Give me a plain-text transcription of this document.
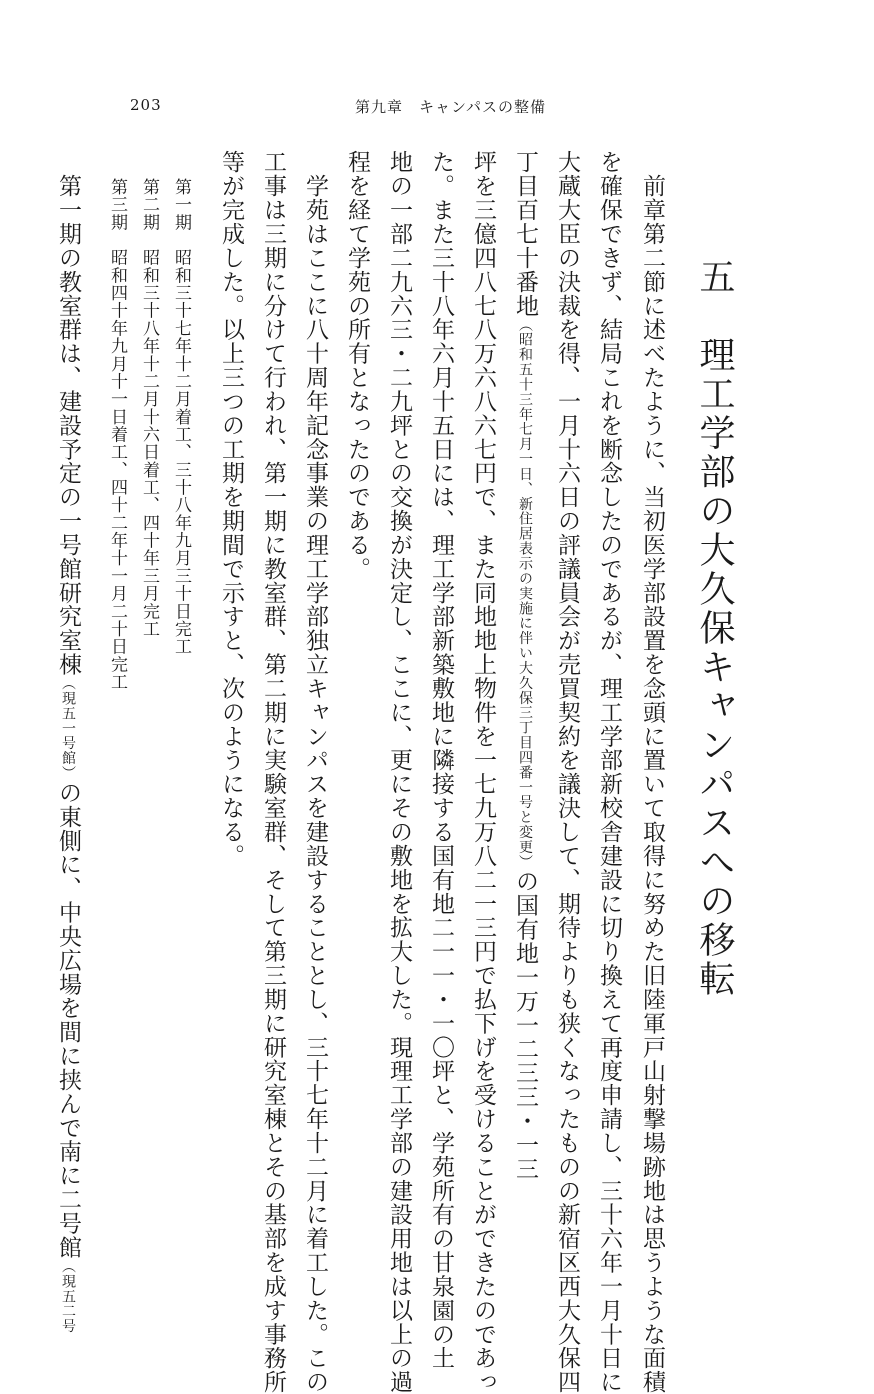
203	第九章 キャンパスの整備
五　理工学部の大久保キャンパスへの移転
　前章第二節に述べたように、当初医学部設置を念頭に置いて取得に努めた旧陸軍戸山射撃場跡地は思うような面積
を確保できず、結局これを断念したのであるが、理工学部新校舎建設に切り換えて再度申請し、三十六年一月十日に
大蔵大臣の決裁を得、一月十六日の評議員会が売買契約を議決して、期待よりも狭くなったものの新宿区西大久保四
丁目百七十番地（昭和五十三年七月一日、新住居表示の実施に伴い大久保三丁目四番一号と変更）の国有地一万一二三三・一三
坪を三億四八七八万六八六七円で、また同地地上物件を一七九万八二一三円で払下げを受けることができたのであっ
た。また三十八年六月十五日には、理工学部新築敷地に隣接する国有地二一一・一〇坪と、学苑所有の甘泉園の土
地の一部二九六三・二九坪との交換が決定し、ここに、更にその敷地を拡大した。現理工学部の建設用地は以上の過
程を経て学苑の所有となったのである。
　学苑はここに八十周年記念事業の理工学部独立キャンパスを建設することとし、三十七年十二月に着工した。この
工事は三期に分けて行われ、第一期に教室群、第二期に実験室群、そして第三期に研究室棟とその基部を成す事務所
等が完成した。以上三つの工期を期間で示すと、次のようになる。
第一期　昭和三十七年十二月着工、三十八年九月三十日完工
第二期　昭和三十八年十二月十六日着工、四十年三月完工
第三期　昭和四十年九月十一日着工、四十二年十一月二十日完工
　第一期の教室群は、建設予定の一号館研究室棟（現五一号館）の東側に、中央広場を間に挟んで南に二号館（現五二号
